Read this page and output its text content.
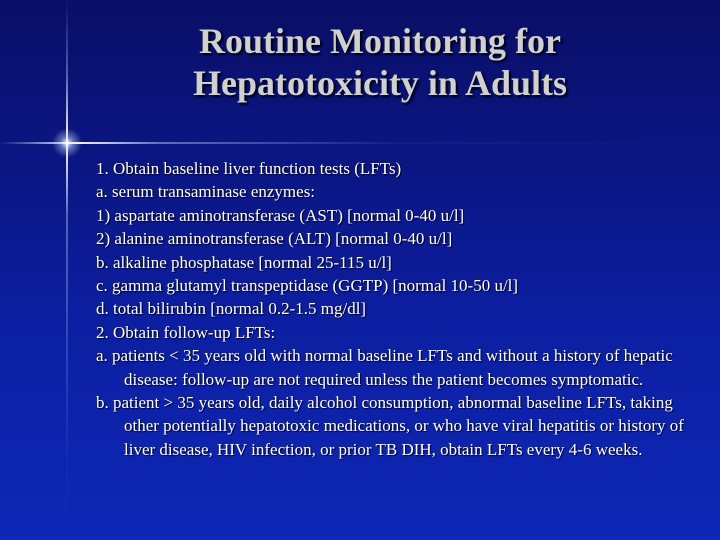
Routine Monitoring for
Hepatotoxicity in Adults
1. Obtain baseline liver function tests (LFTs)
a. serum transaminase enzymes:
1) aspartate aminotransferase (AST) [normal 0-40 u/l]
2) alanine aminotransferase (ALT) [normal 0-40 u/l]
b. alkaline phosphatase [normal 25-115 u/l]
c. gamma glutamyl transpeptidase (GGTP) [normal 10-50 u/l]
d. total bilirubin [normal 0.2-1.5 mg/dl]
2. Obtain follow-up LFTs:
a. patients < 35 years old with normal baseline LFTs and without a history of hepatic disease: follow-up are not required unless the patient becomes symptomatic.
b. patient > 35 years old, daily alcohol consumption, abnormal baseline LFTs, taking other potentially hepatotoxic medications, or who have viral hepatitis or history of liver disease, HIV infection, or prior TB DIH, obtain LFTs every 4-6 weeks.
